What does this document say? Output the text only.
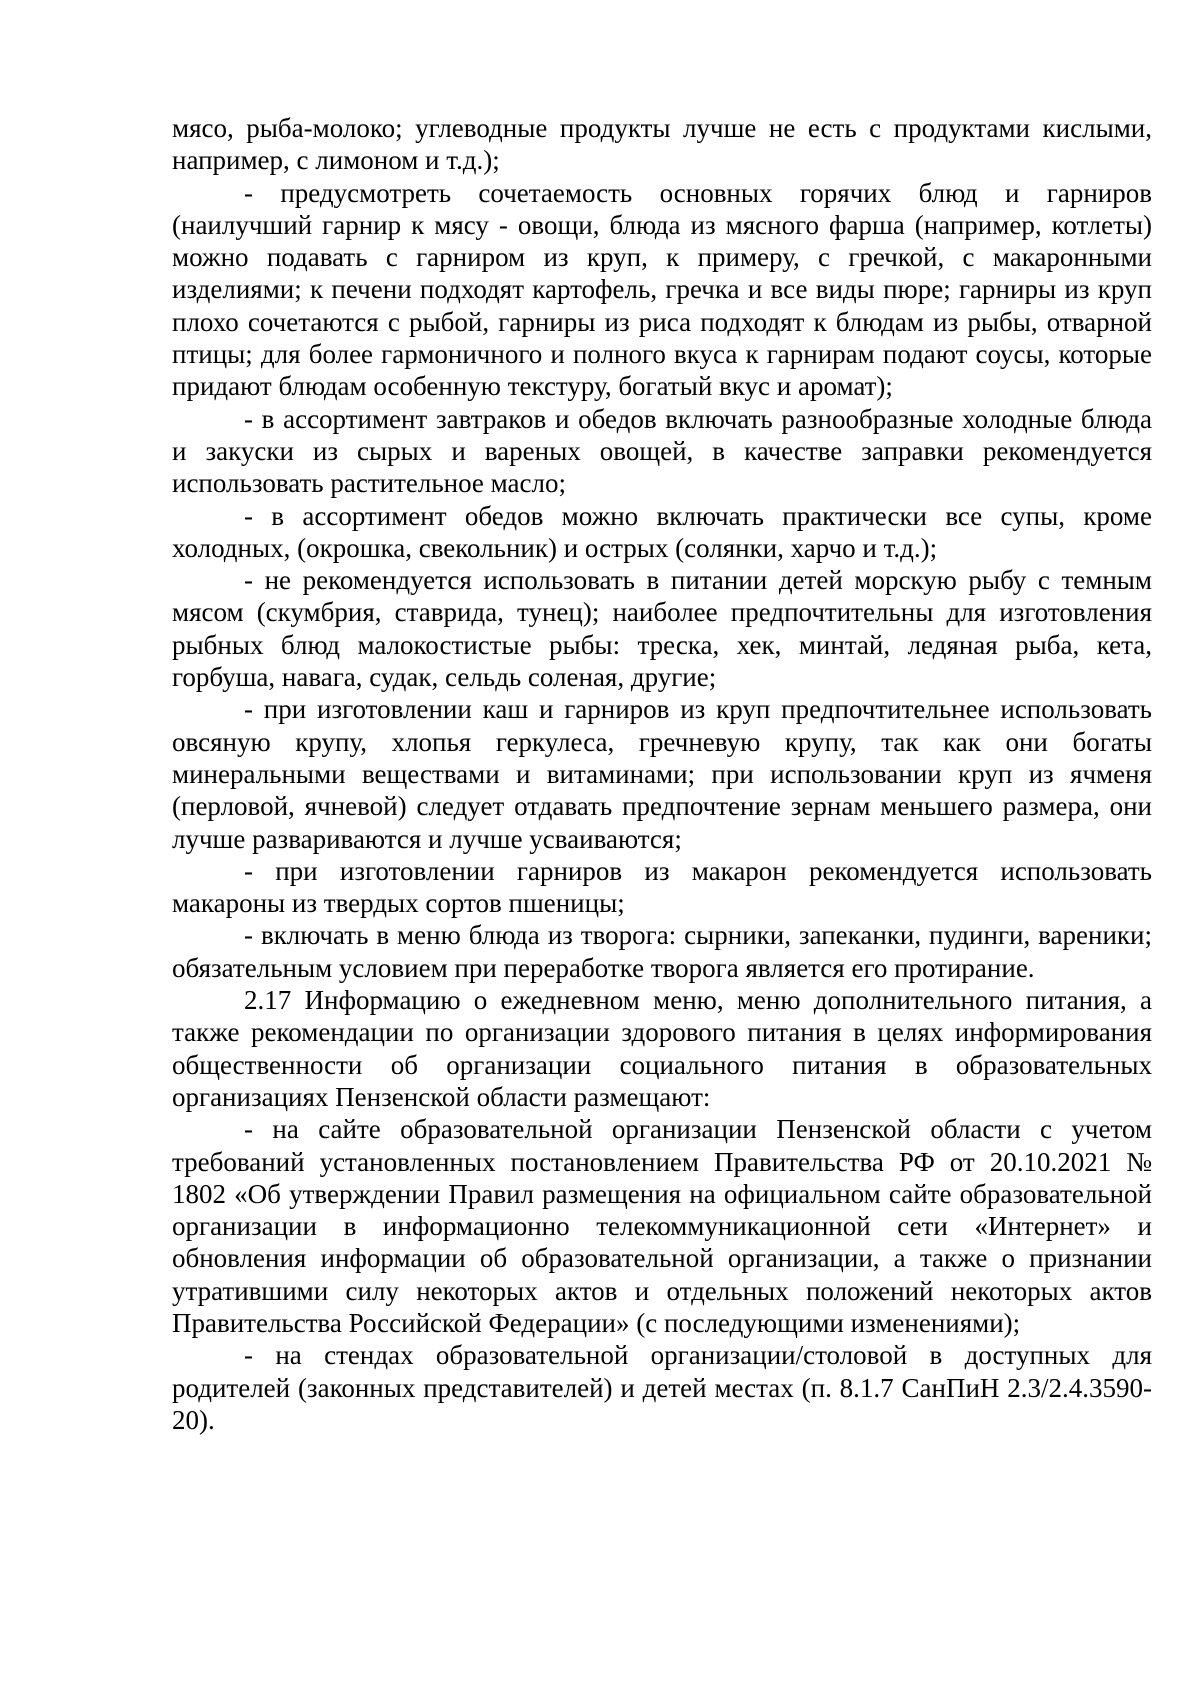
мясо, рыба-молоко; углеводные продукты лучше не есть с продуктами кислыми, например, с лимоном и т.д.);

- предусмотреть сочетаемость основных горячих блюд и гарниров (наилучший гарнир к мясу - овощи, блюда из мясного фарша (например, котлеты) можно подавать с гарниром из круп, к примеру, с гречкой, с макаронными изделиями; к печени подходят картофель, гречка и все виды пюре; гарниры из круп плохо сочетаются с рыбой, гарниры из риса подходят к блюдам из рыбы, отварной птицы; для более гармоничного и полного вкуса к гарнирам подают соусы, которые придают блюдам особенную текстуру, богатый вкус и аромат);

- в ассортимент завтраков и обедов включать разнообразные холодные блюда и закуски из сырых и вареных овощей, в качестве заправки рекомендуется использовать растительное масло;

- в ассортимент обедов можно включать практически все супы, кроме холодных, (окрошка, свекольник) и острых (солянки, харчо и т.д.);

- не рекомендуется использовать в питании детей морскую рыбу с темным мясом (скумбрия, ставрида, тунец); наиболее предпочтительны для изготовления рыбных блюд малокостистые рыбы: треска, хек, минтай, ледяная рыба, кета, горбуша, навага, судак, сельдь соленая, другие;

- при изготовлении каш и гарниров из круп предпочтительнее использовать овсяную крупу, хлопья геркулеса, гречневую крупу, так как они богаты минеральными веществами и витаминами; при использовании круп из ячменя (перловой, ячневой) следует отдавать предпочтение зернам меньшего размера, они лучше развариваются и лучше усваиваются;

- при изготовлении гарниров из макарон рекомендуется использовать макароны из твердых сортов пшеницы;

- включать в меню блюда из творога: сырники, запеканки, пудинги, вареники; обязательным условием при переработке творога является его протирание.

2.17 Информацию о ежедневном меню, меню дополнительного питания, а также рекомендации по организации здорового питания в целях информирования общественности об организации социального питания в образовательных организациях Пензенской области размещают:

- на сайте образовательной организации Пензенской области с учетом требований установленных постановлением Правительства РФ от 20.10.2021 № 1802 «Об утверждении Правил размещения на официальном сайте образовательной организации в информационно телекоммуникационной сети «Интернет» и обновления информации об образовательной организации, а также о признании утратившими силу некоторых актов и отдельных положений некоторых актов Правительства Российской Федерации» (с последующими изменениями);

- на стендах образовательной организации/столовой в доступных для родителей (законных представителей) и детей местах (п. 8.1.7 СанПиН 2.3/2.4.3590-20).
